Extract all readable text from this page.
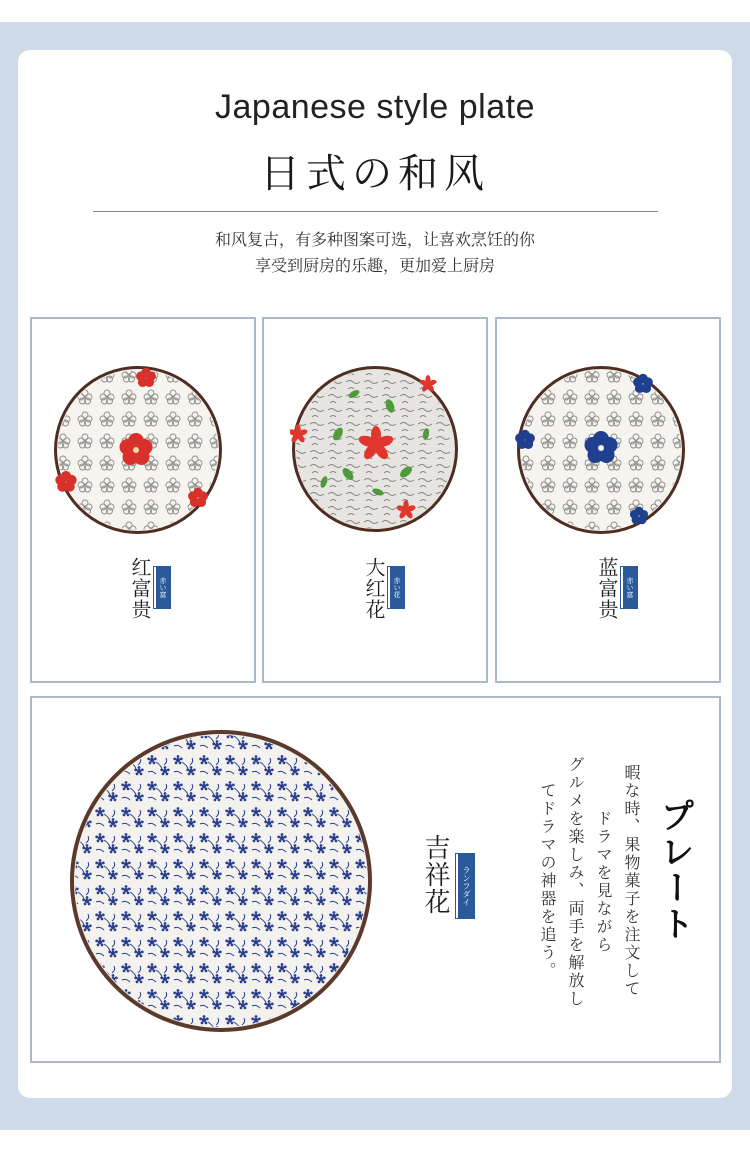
Japanese style plate
日式の和风
和风复古，有多种图案可选，让喜欢烹饪的你
享受到厨房的乐趣，更加爱上厨房
红富贵	赤い富	大红花	赤い花	蓝富贵	赤い富
吉祥花	ランフダイ	プレート
暇な時、果物菓子を注文して
ドラマを見ながら
グルメを楽しみ、両手を解放し
てドラマの神器を追う。
